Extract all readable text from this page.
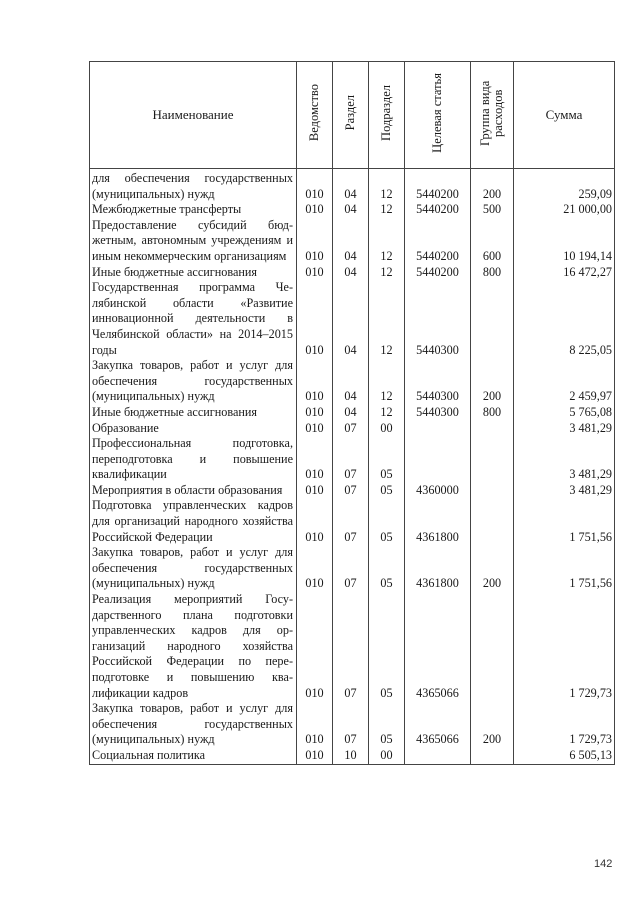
Наименование	Ведомство	Раздел	Подраздел	Целевая статья	Группа вида расходов	Сумма
для обеспечения государственных (муниципальных) нужд	010	04	12	5440200	200	259,09
Межбюджетные трансферты	010	04	12	5440200	500	21 000,00
Предоставление субсидий бюджетным, автономным учреждениям и иным некоммерческим организациям	010	04	12	5440200	600	10 194,14
Иные бюджетные ассигнования	010	04	12	5440200	800	16 472,27
Государственная программа Челябинской области «Развитие инновационной деятельности в Челябинской области» на 2014–2015 годы	010	04	12	5440300		8 225,05
Закупка товаров, работ и услуг для обеспечения государственных (муниципальных) нужд	010	04	12	5440300	200	2 459,97
Иные бюджетные ассигнования	010	04	12	5440300	800	5 765,08
Образование	010	07	00			3 481,29
Профессиональная подготовка, переподготовка и повышение квалификации	010	07	05			3 481,29
Мероприятия в области образования	010	07	05	4360000		3 481,29
Подготовка управленческих кадров для организаций народного хозяйства Российской Федерации	010	07	05	4361800		1 751,56
Закупка товаров, работ и услуг для обеспечения государственных (муниципальных) нужд	010	07	05	4361800	200	1 751,56
Реализация мероприятий Государственного плана подготовки управленческих кадров для организаций народного хозяйства Российской Федерации по переподготовке и повышению квалификации кадров	010	07	05	4365066		1 729,73
Закупка товаров, работ и услуг для обеспечения государственных (муниципальных) нужд	010	07	05	4365066	200	1 729,73
Социальная политика	010	10	00			6 505,13
142
